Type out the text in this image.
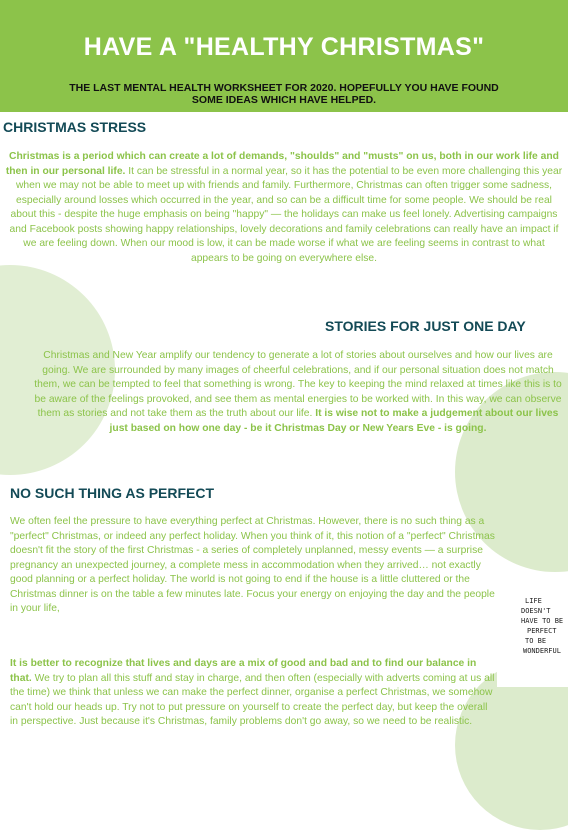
HAVE A "HEALTHY CHRISTMAS"
THE LAST MENTAL HEALTH WORKSHEET FOR 2020. HOPEFULLY YOU HAVE FOUND
SOME IDEAS WHICH HAVE HELPED.
CHRISTMAS STRESS
Christmas is a period which can create a lot of demands, "shoulds" and "musts" on us, both in our work life and then in our personal life. It can be stressful in a normal year, so it has the potential to be even more challenging this year when we may not be able to meet up with friends and family. Furthermore, Christmas can often trigger some sadness, especially around losses which occurred in the year, and so can be a difficult time for some people. We should be real about this - despite the huge emphasis on being "happy" — the holidays can make us feel lonely. Advertising campaigns and Facebook posts showing happy relationships, lovely decorations and family celebrations can really have an impact if we are feeling down. When our mood is low, it can be made worse if what we are feeling seems in contrast to what appears to be going on everywhere else.
STORIES FOR JUST ONE DAY
Christmas and New Year amplify our tendency to generate a lot of stories about ourselves and how our lives are going. We are surrounded by many images of cheerful celebrations, and if our personal situation does not match them, we can be tempted to feel that something is wrong. The key to keeping the mind relaxed at times like this is to be aware of the feelings provoked, and see them as mental energies to be worked with. In this way, we can observe them as stories and not take them as the truth about our life. It is wise not to make a judgement about our lives just based on how one day - be it Christmas Day or New Years Eve - is going.
NO SUCH THING AS PERFECT
We often feel the pressure to have everything perfect at Christmas. However, there is no such thing as a "perfect" Christmas, or indeed any perfect holiday. When you think of it, this notion of a "perfect" Christmas doesn't fit the story of the first Christmas - a series of completely unplanned, messy events — a surprise pregnancy an unexpected journey, a complete mess in accommodation when they arrived… not exactly good planning or a perfect holiday. The world is not going to end if the house is a little cluttered or the Christmas dinner is on the table a few minutes late. Focus your energy on enjoying the day and the people in your life,
It is better to recognize that lives and days are a mix of good and bad and to find our balance in that. We try to plan all this stuff and stay in charge, and then often (especially with adverts coming at us all the time) we think that unless we can make the perfect dinner, organise a perfect Christmas, we somehow can't hold our heads up. Try not to put pressure on yourself to create the perfect day, but keep the overall in perspective. Just because it's Christmas, family problems don't go away, so we need to be realistic.
LIFE
DOESN'T
HAVE TO BE
PERFECT
TO BE
WONDERFUL
